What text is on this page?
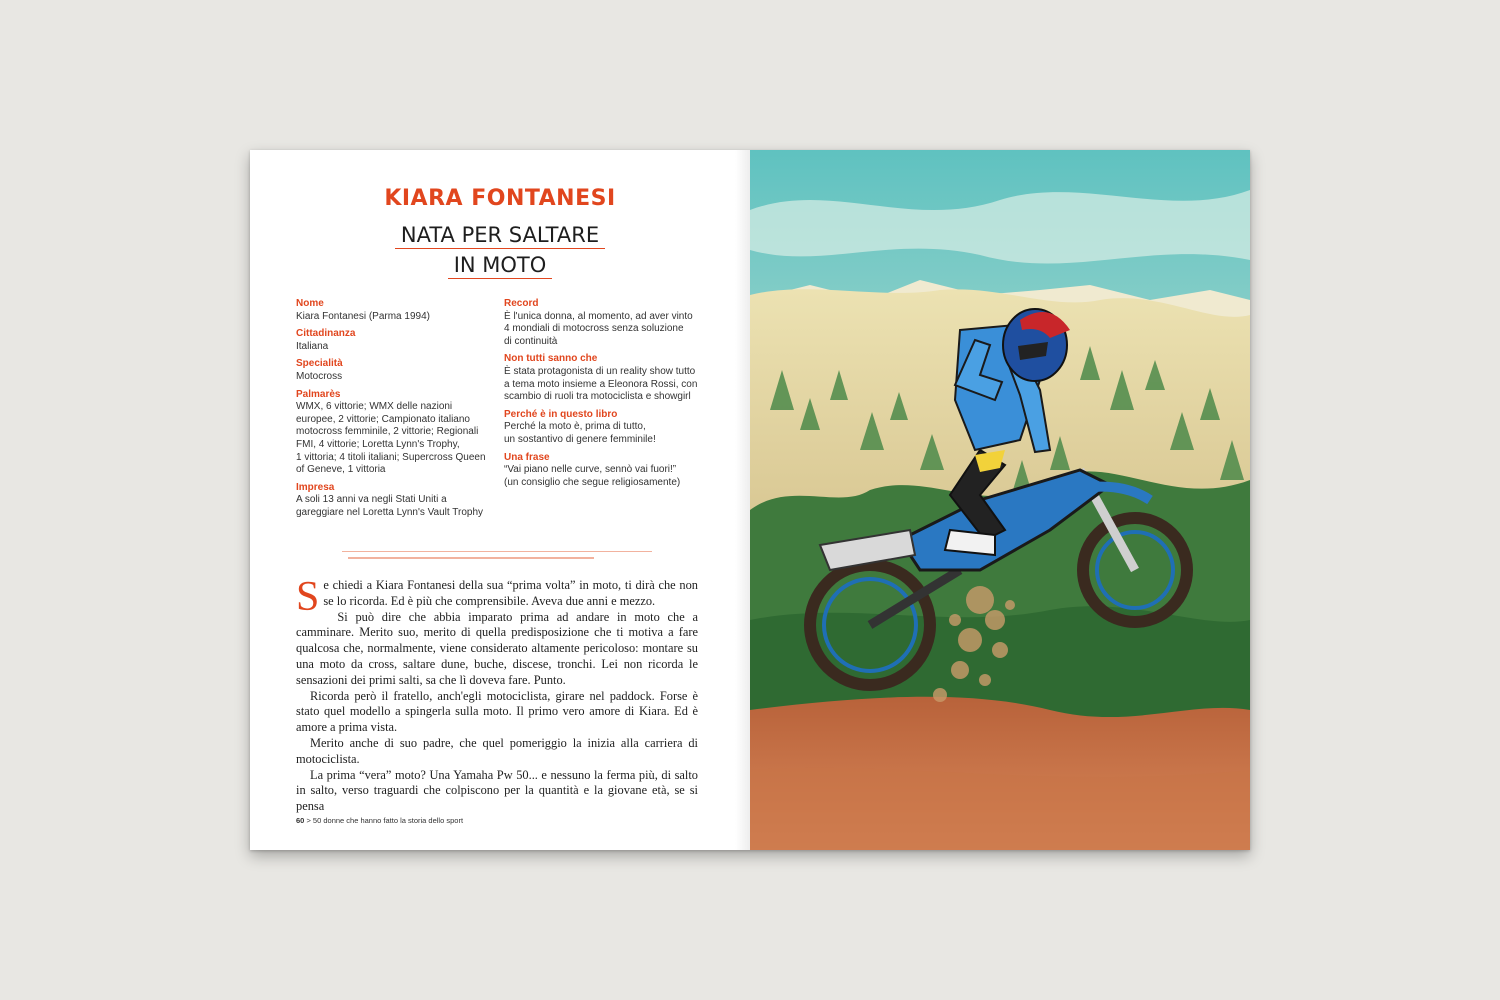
KIARA FONTANESI
NATA PER SALTARE
IN MOTO
Nome
Kiara Fontanesi (Parma 1994)
Cittadinanza
Italiana
Specialità
Motocross
Palmarès
WMX, 6 vittorie; WMX delle nazioni
europee, 2 vittorie; Campionato italiano
motocross femminile, 2 vittorie; Regionali
FMI, 4 vittorie; Loretta Lynn's Trophy,
1 vittoria; 4 titoli italiani; Supercross Queen
of Geneve, 1 vittoria
Impresa
A soli 13 anni va negli Stati Uniti a
gareggiare nel Loretta Lynn's Vault Trophy
Record
È l'unica donna, al momento, ad aver vinto
4 mondiali di motocross senza soluzione
di continuità
Non tutti sanno che
È stata protagonista di un reality show tutto
a tema moto insieme a Eleonora Rossi, con
scambio di ruoli tra motociclista e showgirl
Perché è in questo libro
Perché la moto è, prima di tutto,
un sostantivo di genere femminile!
Una frase
“Vai piano nelle curve, sennò vai fuori!”
(un consiglio che segue religiosamente)

Se chiedi a Kiara Fontanesi della sua “prima volta” in moto, ti dirà che non se lo ricorda. Ed è più che comprensibile. Aveva due anni e mezzo.

Si può dire che abbia imparato prima ad andare in moto che a camminare. Merito suo, merito di quella predisposizione che ti motiva a fare qualcosa che, normalmente, viene considerato altamente pericoloso: montare su una moto da cross, saltare dune, buche, discese, tronchi. Lei non ricorda le sensazioni dei primi salti, sa che lì doveva fare. Punto.

Ricorda però il fratello, anch'egli motociclista, girare nel paddock. Forse è stato quel modello a spingerla sulla moto. Il primo vero amore di Kiara. Ed è amore a prima vista.

Merito anche di suo padre, che quel pomeriggio la inizia alla carriera di motociclista.

La prima “vera” moto? Una Yamaha Pw 50... e nessuno la ferma più, di salto in salto, verso traguardi che colpiscono per la quantità e la giovane età, se si pensa

60 > 50 donne che hanno fatto la storia dello sport
